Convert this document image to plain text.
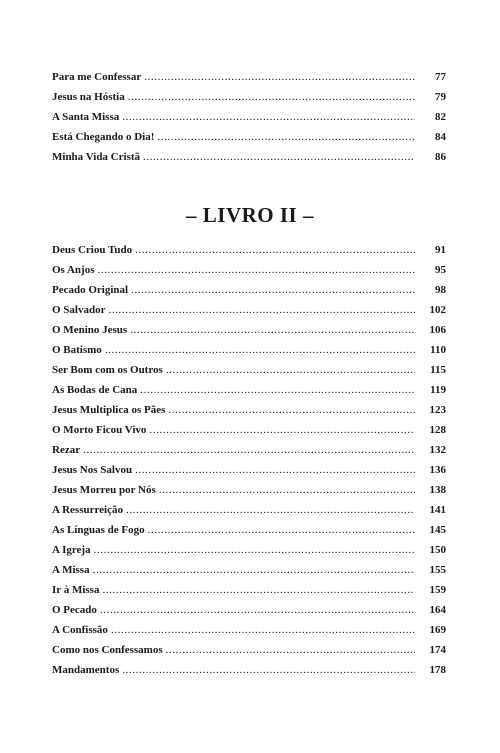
Para me Confessar .....	77
Jesus na Hóstia .....	79
A Santa Missa .....	82
Está Chegando o Dia! .....	84
Minha Vida Cristã .....	86
– LIVRO II –
Deus Criou Tudo .....	91
Os Anjos .....	95
Pecado Original .....	98
O Salvador .....	102
O Menino Jesus .....	106
O Batismo .....	110
Ser Bom com os Outros .....	115
As Bodas de Cana .....	119
Jesus Multiplica os Pães .....	123
O Morto Ficou Vivo .....	128
Rezar .....	132
Jesus Nos Salvou .....	136
Jesus Morreu por Nós .....	138
A Ressurreição .....	141
As Línguas de Fogo .....	145
A Igreja .....	150
A Missa .....	155
Ir à Missa .....	159
O Pecado .....	164
A Confissão .....	169
Como nos Confessamos .....	174
Mandamentos .....	178
